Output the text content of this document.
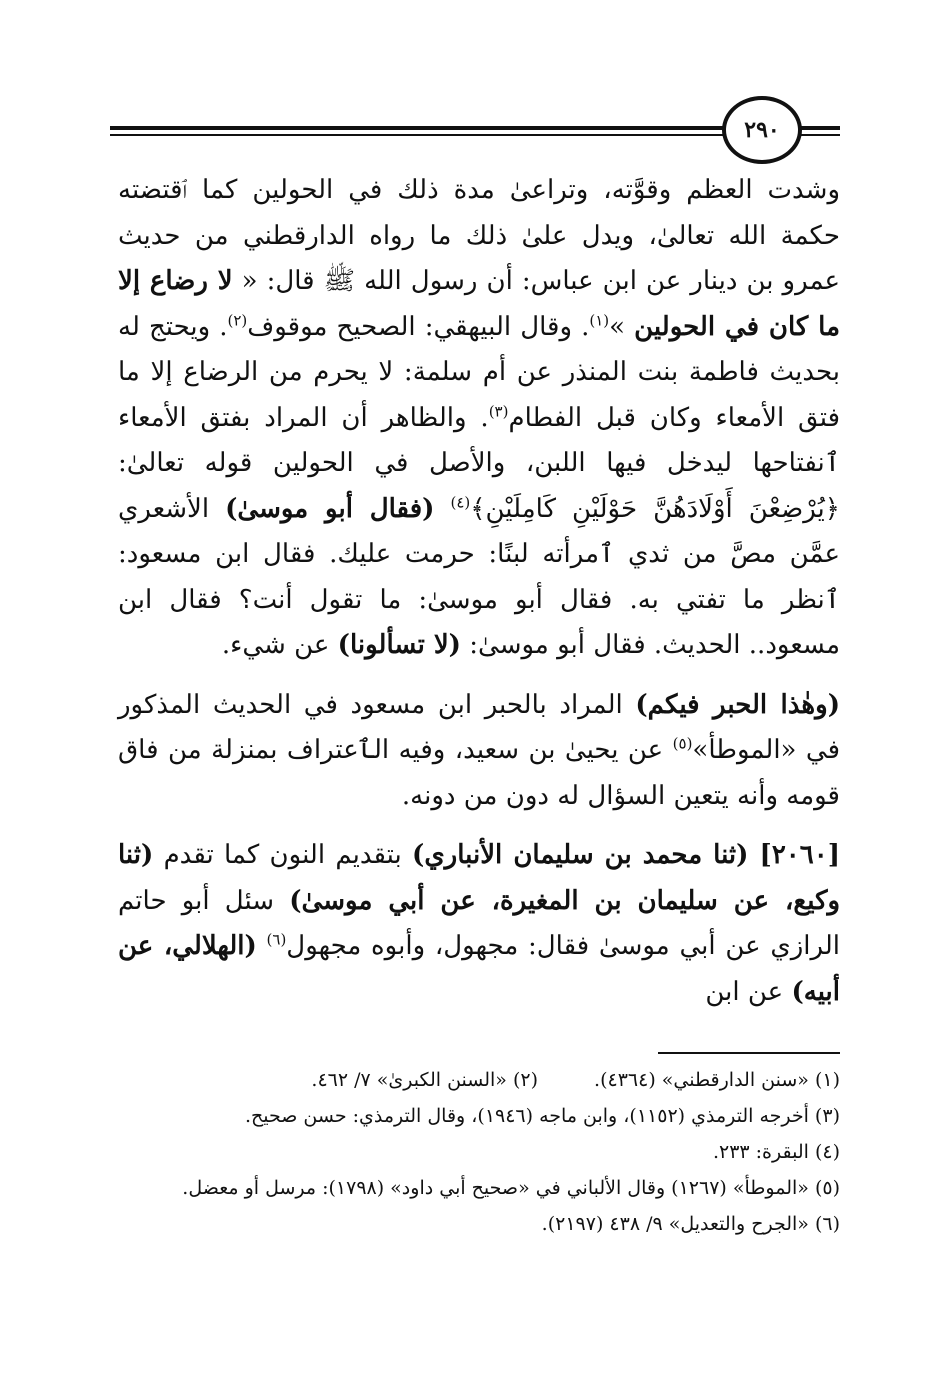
٢٩٠

وشدت العظم وقوَّته، وتراعىٰ مدة ذلك في الحولين كما ٱقتضته حكمة الله تعالىٰ، ويدل علىٰ ذلك ما رواه الدارقطني من حديث عمرو بن دينار عن ابن عباس: أن رسول الله ﷺ قال: « لا رضاع إلا ما كان في الحولين »$^{(١)}$. وقال البيهقي: الصحيح موقوف$^{(٢)}$. ويحتج له بحديث فاطمة بنت المنذر عن أم سلمة: لا يحرم من الرضاع إلا ما فتق الأمعاء وكان قبل الفطام$^{(٣)}$. والظاهر أن المراد بفتق الأمعاء ٱنفتاحها ليدخل فيها اللبن، والأصل في الحولين قوله تعالىٰ: ﴿يُرْضِعْنَ أَوْلَادَهُنَّ حَوْلَيْنِ كَامِلَيْنِ﴾$^{(٤)}$ (فقال أبو موسىٰ) الأشعري عمَّن مصَّ من ثدي ٱمرأته لبنًا: حرمت عليك. فقال ابن مسعود: ٱنظر ما تفتي به. فقال أبو موسىٰ: ما تقول أنت؟ فقال ابن مسعود.. الحديث. فقال أبو موسىٰ: (لا تسألونا) عن شيء.

(وهٰذا الحبر فيكم) المراد بالحبر ابن مسعود في الحديث المذكور في «الموطأ»$^{(٥)}$ عن يحيىٰ بن سعيد، وفيه الٱعتراف بمنزلة من فاق قومه وأنه يتعين السؤال له دون من دونه.

[٢٠٦٠] (ثنا محمد بن سليمان الأنباري) بتقديم النون كما تقدم (ثنا وكيع، عن سليمان بن المغيرة، عن أبي موسىٰ) سئل أبو حاتم الرازي عن أبي موسىٰ فقال: مجهول، وأبوه مجهول$^{(٦)}$ (الهلالي، عن أبيه) عن ابن

(١) «سنن الدارقطني» (٤٣٦٤).(٢) «السنن الكبرىٰ» ٧/ ٤٦٢.
(٣) أخرجه الترمذي (١١٥٢)، وابن ماجه (١٩٤٦)، وقال الترمذي: حسن صحيح.
(٤) البقرة: ٢٣٣.
(٥) «الموطأ» (١٢٦٧) وقال الألباني في «صحيح أبي داود» (١٧٩٨): مرسل أو معضل.
(٦) «الجرح والتعديل» ٩/ ٤٣٨ (٢١٩٧).
